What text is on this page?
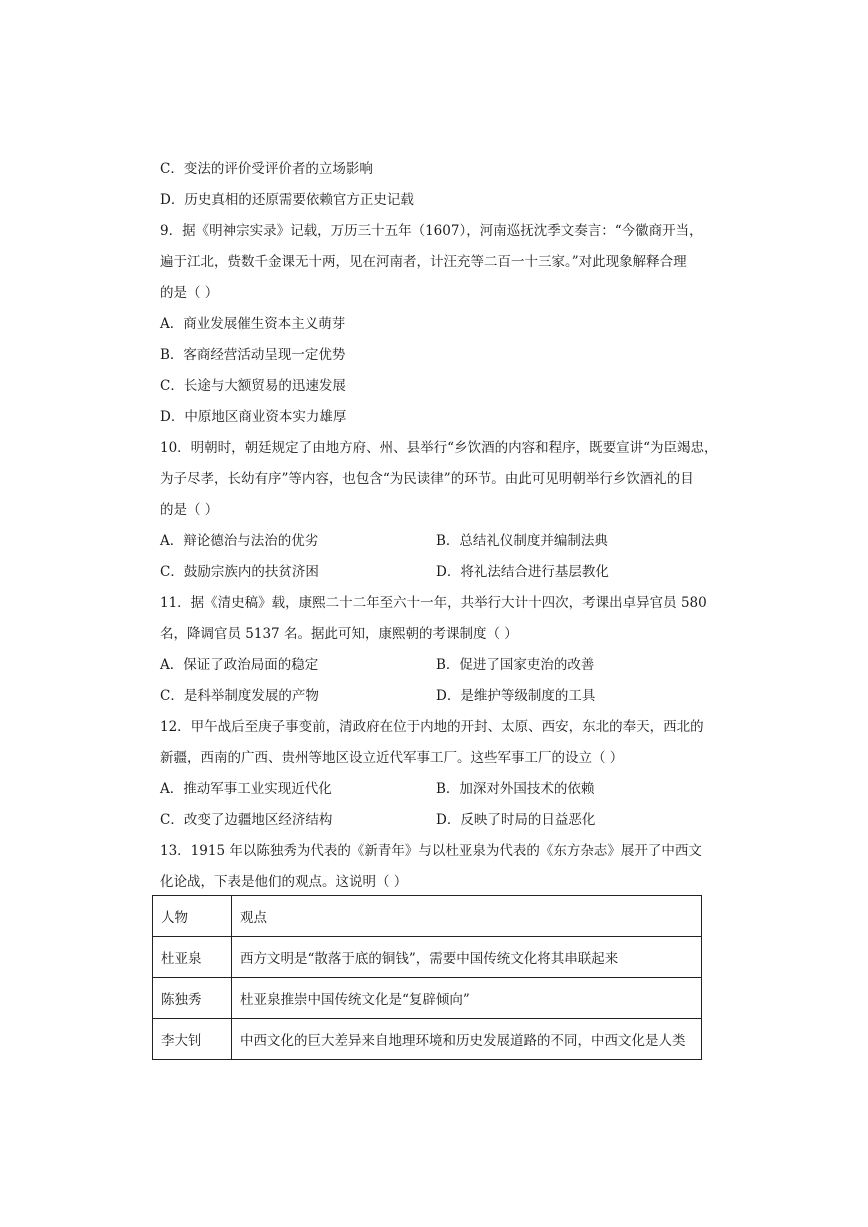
C．变法的评价受评价者的立场影响
D．历史真相的还原需要依赖官方正史记载
9．据《明神宗实录》记载，万历三十五年（1607），河南巡抚沈季文奏言：“今徽商开当，
遍于江北，赀数千金课无十两，见在河南者，计汪充等二百一十三家。”对此现象解释合理
的是（ ）
A．商业发展催生资本主义萌芽
B．客商经营活动呈现一定优势
C．长途与大额贸易的迅速发展
D．中原地区商业资本实力雄厚
10．明朝时，朝廷规定了由地方府、州、县举行“乡饮酒的内容和程序，既要宣讲“为臣竭忠，
为子尽孝，长幼有序”等内容，也包含“为民读律”的环节。由此可见明朝举行乡饮酒礼的目
的是（ ）
A．辩论德治与法治的优劣	B．总结礼仪制度并编制法典
C．鼓励宗族内的扶贫济困	D．将礼法结合进行基层教化
11．据《清史稿》载，康熙二十二年至六十一年，共举行大计十四次，考课出卓异官员 580
名，降调官员 5137 名。据此可知，康熙朝的考课制度（ ）
A．保证了政治局面的稳定	B．促进了国家吏治的改善
C．是科举制度发展的产物	D．是维护等级制度的工具
12．甲午战后至庚子事变前，清政府在位于内地的开封、太原、西安，东北的奉天，西北的
新疆，西南的广西、贵州等地区设立近代军事工厂。这些军事工厂的设立（ ）
A．推动军事工业实现近代化	B．加深对外国技术的依赖
C．改变了边疆地区经济结构	D．反映了时局的日益恶化
13．1915 年以陈独秀为代表的《新青年》与以杜亚泉为代表的《东方杂志》展开了中西文
化论战，下表是他们的观点。这说明（ ）
人物	观点
杜亚泉	西方文明是“散落于底的铜钱”，需要中国传统文化将其串联起来
陈独秀	杜亚泉推崇中国传统文化是“复辟倾向”
李大钊	中西文化的巨大差异来自地理环境和历史发展道路的不同，中西文化是人类
